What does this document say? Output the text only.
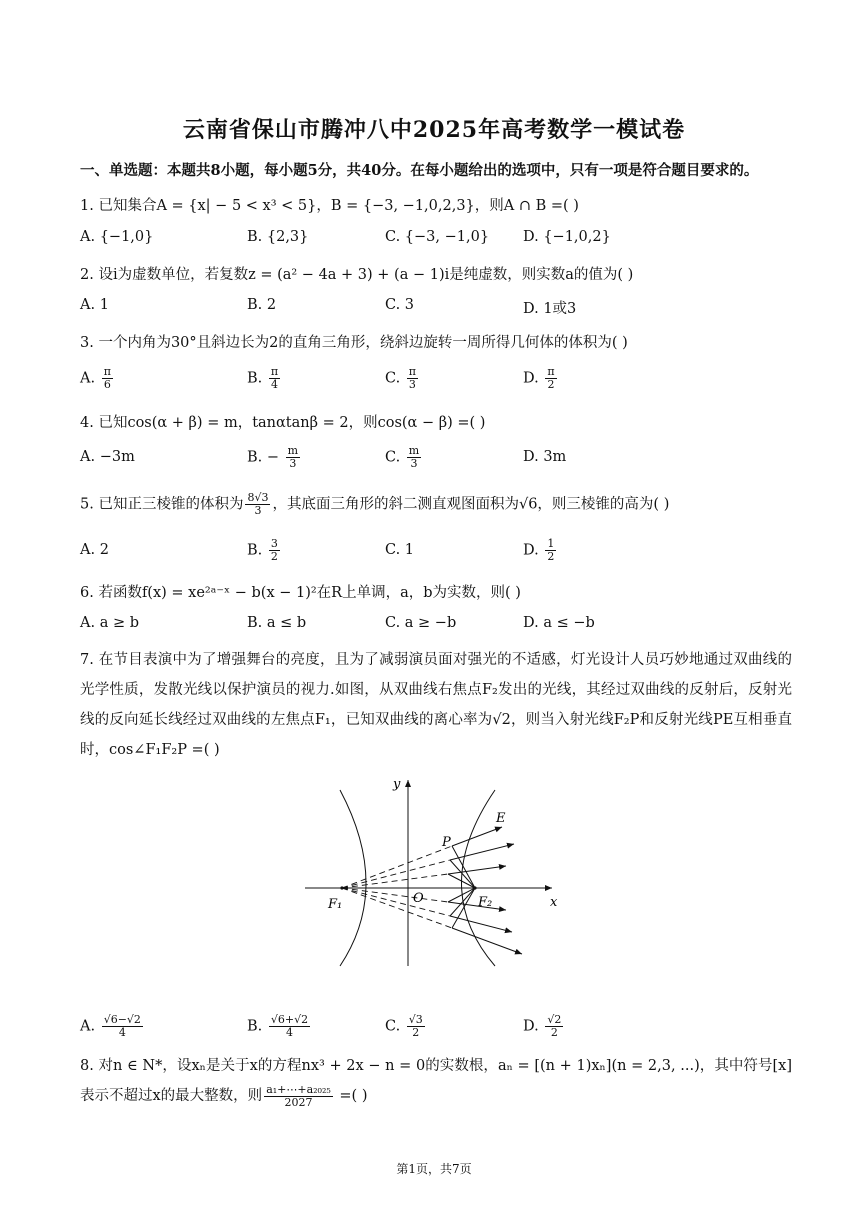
云南省保山市腾冲八中2025年高考数学一模试卷
一、单选题：本题共8小题，每小题5分，共40分。在每小题给出的选项中，只有一项是符合题目要求的。
1. 已知集合A = {x| − 5 < x³ < 5}，B = {−3, −1,0,2,3}，则A ∩ B =( )
A. {−1,0}	B. {2,3}	C. {−3, −1,0} D. {−1,0,2}
2. 设i为虚数单位，若复数z = (a² − 4a + 3) + (a − 1)i是纯虚数，则实数a的值为( )
A. 1	B. 2	C. 3	D. 1或3
3. 一个内角为30°且斜边长为2的直角三角形，绕斜边旋转一周所得几何体的体积为( )
A. $\frac{\pi}{6}$	B. $\frac{\pi}{4}$	C. $\frac{\pi}{3}$	D. $\frac{\pi}{2}$
4. 已知cos(α + β) = m，tanαtanβ = 2，则cos(α − β) =( )
A. −3m	B. − $\frac{m}{3}$	C. $\frac{m}{3}$	D. 3m
5. 已知正三棱锥的体积为 $\frac{8√3}{3}$ ，其底面三角形的斜二测直观图面积为√6，则三棱锥的高为( )
A. 2	B. $\frac{3}{2}$	C. 1	D. $\frac{1}{2}$
6. 若函数f(x) = xe²ᵃ⁻ˣ − b(x − 1)²在R上单调，a，b为实数，则( )
A. a ≥ b	B. a ≤ b	C. a ≥ −b	D. a ≤ −b
7. 在节目表演中为了增强舞台的亮度，且为了减弱演员面对强光的不适感，灯光设计人员巧妙地通过双曲线的光学性质，发散光线以保护演员的视力.如图，从双曲线右焦点F₂发出的光线，其经过双曲线的反射后，反射光线的反向延长线经过双曲线的左焦点F₁，已知双曲线的离心率为√2，则当入射光线F₂P和反射光线PE互相垂直时，cos∠F₁F₂P =( )
y
x
O
P
E
F₁	F₂
A. $\frac{√6-√2}{4}$	B. $\frac{√6+√2}{4}$	C. $\frac{√3}{2}$	D. $\frac{√2}{2}$
8. 对n ∈ N*，设xₙ是关于x的方程nx³ + 2x − n = 0的实数根，aₙ = [(n + 1)xₙ](n = 2,3, ...)，其中符号[x]表示不超过x的最大整数，则 $\frac{\text{a₁+⋯+a₂₀₂₅}}{2027}$ =( )
第1页，共7页
